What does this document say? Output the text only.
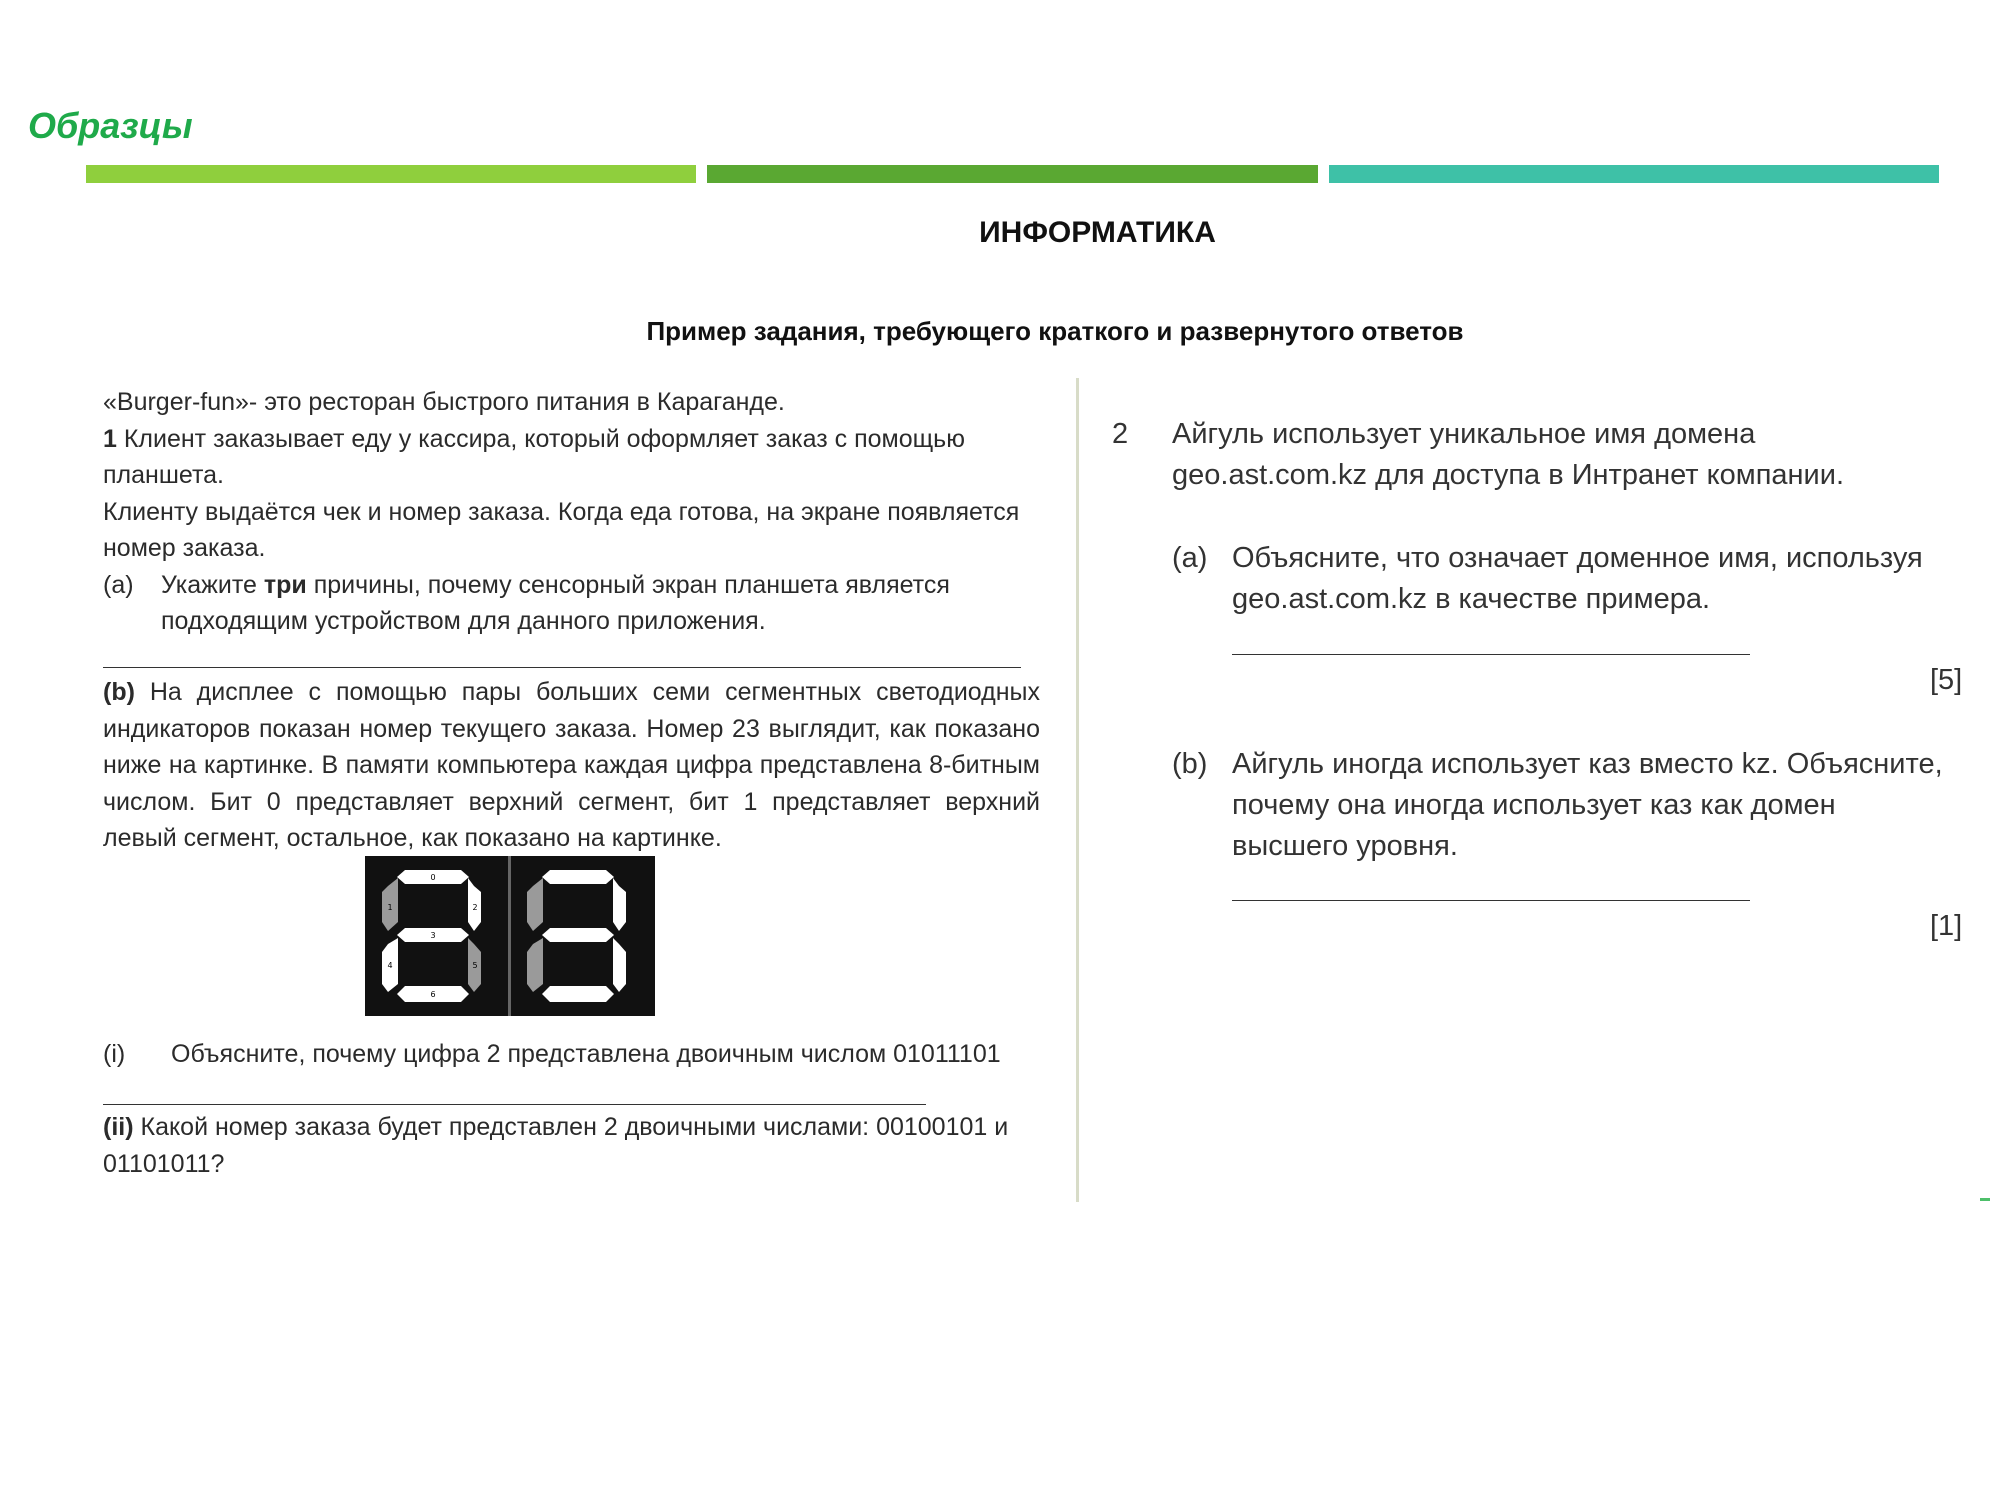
Образцы
ИНФОРМАТИКА
Пример задания, требующего краткого и развернутого ответов

«Burger-fun»- это ресторан быстрого питания в Караганде.

1 Клиент заказывает еду у кассира, который оформляет заказ с помощью планшета.

Клиенту выдаётся чек и номер заказа. Когда еда готова, на экране появляется номер заказа.

(a)	Укажите три причины, почему сенсорный экран планшета является подходящим устройством для данного приложения.

(b) На дисплее с помощью пары больших семи сегментных светодиодных индикаторов показан номер текущего заказа. Номер 23 выглядит, как показано ниже на картинке. В памяти компьютера каждая цифра представлена 8-битным числом. Бит 0 представляет верхний сегмент, бит 1 представляет верхний левый сегмент, остальное, как показано на картинке.

0
1	2
3
4	5
6
(i)	Объясните, почему цифра 2 представлена двоичным числом 01011101

(ii) Какой номер заказа будет представлен 2 двоичными числами: 00100101 и 01101011?

2 Айгуль использует уникальное имя домена geo.ast.com.kz для доступа в Интранет компании.
(a) Объясните, что означает доменное имя, используя geo.ast.com.kz в качестве примера.
[5]
(b) Айгуль иногда использует каз вместо kz. Объясните, почему она иногда использует каз как домен высшего уровня.
[1]
